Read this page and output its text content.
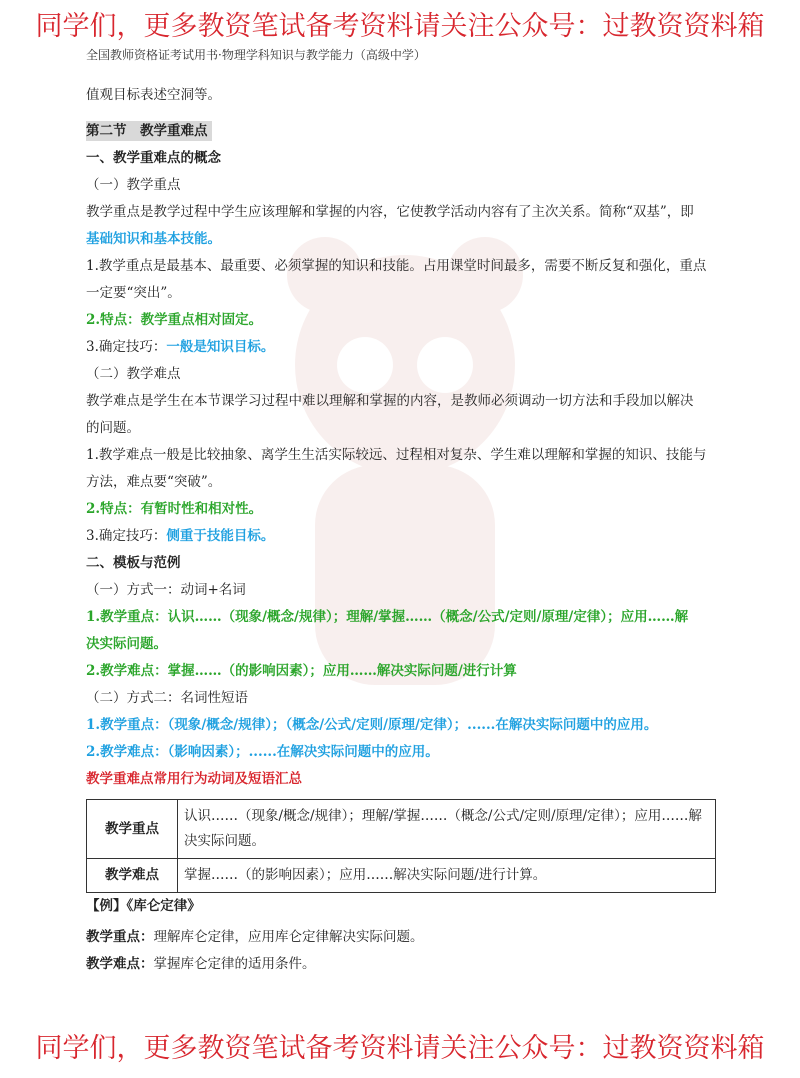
同学们，更多教资笔试备考资料请关注公众号：过教资资料箱
全国教师资格证考试用书·物理学科知识与教学能力（高级中学）
值观目标表述空洞等。
第二节　教学重难点
一、教学重难点的概念
（一）教学重点
教学重点是教学过程中学生应该理解和掌握的内容，它使教学活动内容有了主次关系。简称“双基”，即
基础知识和基本技能。
1.教学重点是最基本、最重要、必须掌握的知识和技能。占用课堂时间最多，需要不断反复和强化，重点
一定要“突出”。
2.特点：教学重点相对固定。
3.确定技巧：一般是知识目标。
（二）教学难点
教学难点是学生在本节课学习过程中难以理解和掌握的内容，是教师必须调动一切方法和手段加以解决
的问题。
1.教学难点一般是比较抽象、离学生生活实际较远、过程相对复杂、学生难以理解和掌握的知识、技能与
方法，难点要“突破”。
2.特点：有暂时性和相对性。
3.确定技巧：侧重于技能目标。
二、模板与范例
（一）方式一：动词+名词
1.教学重点：认识……（现象/概念/规律）；理解/掌握……（概念/公式/定则/原理/定律）；应用……解
决实际问题。
2.教学难点：掌握……（的影响因素）；应用……解决实际问题/进行计算
（二）方式二：名词性短语
1.教学重点：（现象/概念/规律）；（概念/公式/定则/原理/定律）；......在解决实际问题中的应用。
2.教学难点：（影响因素）；......在解决实际问题中的应用。
教学重难点常用行为动词及短语汇总
教学重点	认识……（现象/概念/规律）；理解/掌握……（概念/公式/定则/原理/定律）；应用……解决实际问题。
教学难点	掌握……（的影响因素）；应用……解决实际问题/进行计算。
【例】《库仑定律》
教学重点：理解库仑定律，应用库仑定律解决实际问题。
教学难点：掌握库仑定律的适用条件。
同学们，更多教资笔试备考资料请关注公众号：过教资资料箱
